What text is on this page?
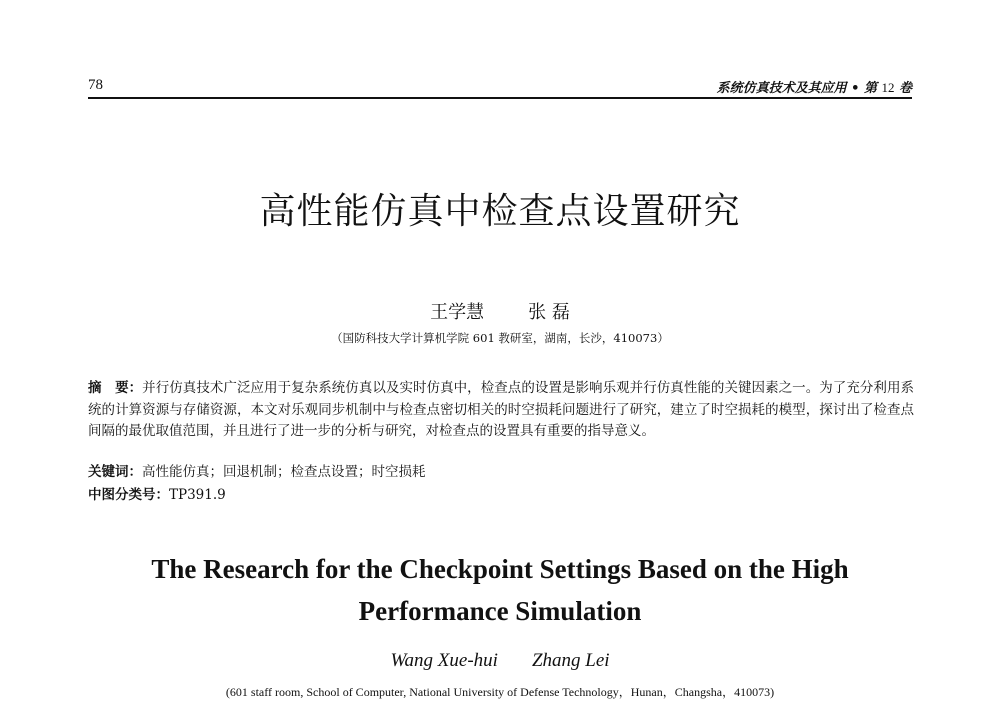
78	系统仿真技术及其应用 • 第 12 卷
高性能仿真中检查点设置研究
王学慧 张 磊
（国防科技大学计算机学院 601 教研室，湖南，长沙，410073）
摘　要：并行仿真技术广泛应用于复杂系统仿真以及实时仿真中，检查点的设置是影响乐观并行仿真性能的关键因素之一。为了充分利用系统的计算资源与存储资源，本文对乐观同步机制中与检查点密切相关的时空损耗问题进行了研究，建立了时空损耗的模型，探讨出了检查点间隔的最优取值范围，并且进行了进一步的分析与研究，对检查点的设置具有重要的指导意义。
关键词：高性能仿真；回退机制；检查点设置；时空损耗
中图分类号：TP391.9
The Research for the Checkpoint Settings Based on the High
Performance Simulation
Wang Xue-hui Zhang Lei
(601 staff room, School of Computer, National University of Defense Technology，Hunan，Changsha，410073)
